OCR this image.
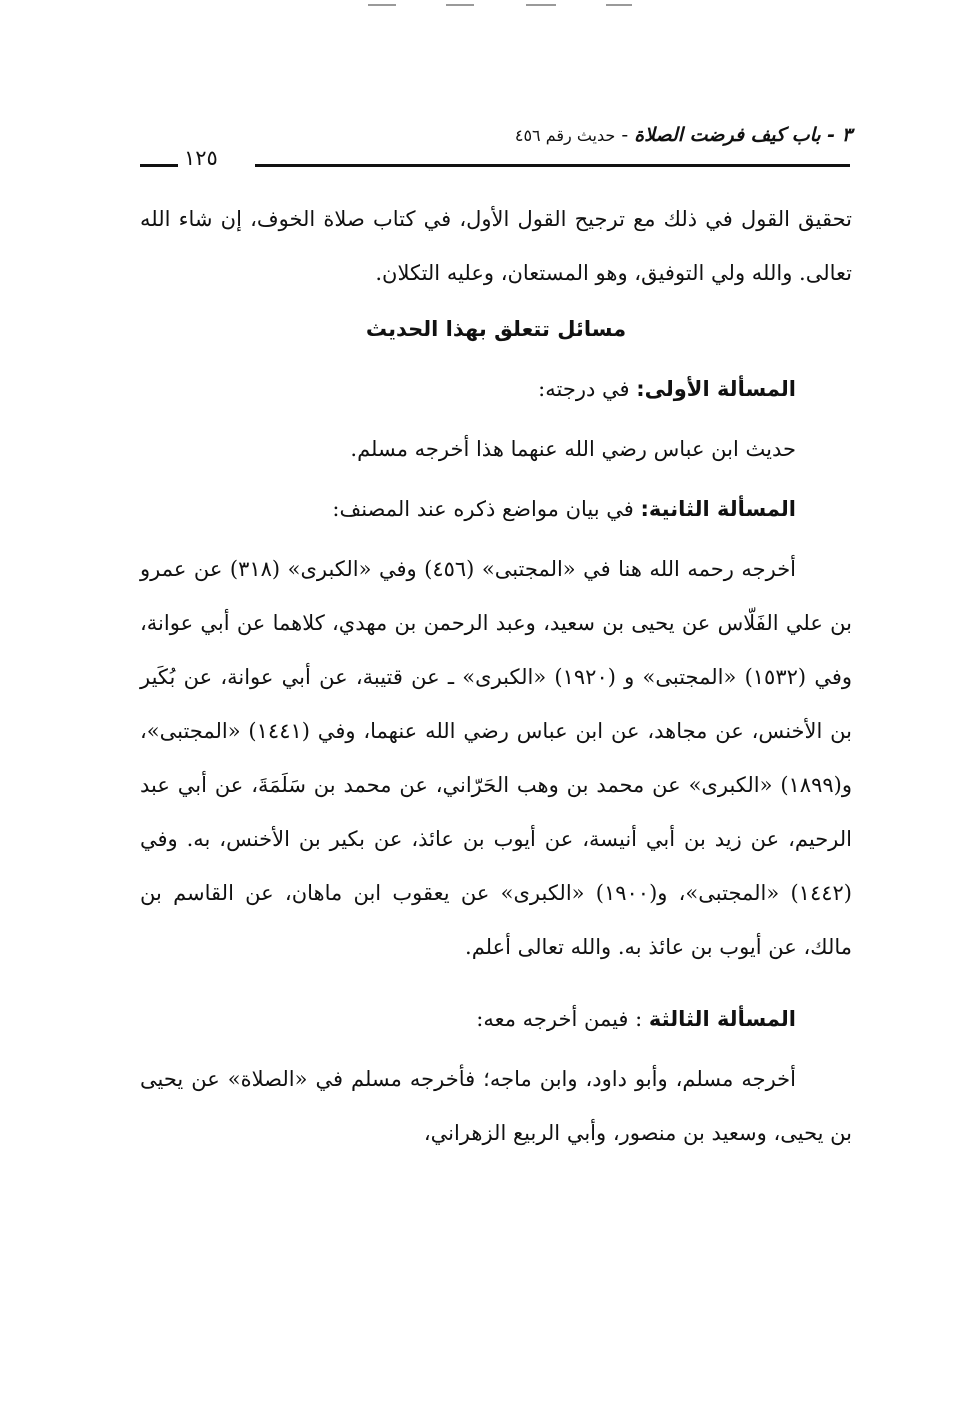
٣ - باب كيف فرضت الصلاة - حديث رقم ٤٥٦
١٢٥

تحقيق القول في ذلك مع ترجيح القول الأول، في كتاب صلاة الخوف، إن شاء الله تعالى. والله ولي التوفيق، وهو المستعان، وعليه التكلان.

مسائل تتعلق بهذا الحديث

المسألة الأولى: في درجته:

حديث ابن عباس رضي الله عنهما هذا أخرجه مسلم.

المسألة الثانية: في بيان مواضع ذكره عند المصنف:

أخرجه رحمه الله هنا في «المجتبى» (٤٥٦) وفي «الكبرى» (٣١٨) عن عمرو بن علي الفَلّاس عن يحيى بن سعيد، وعبد الرحمن بن مهدي، كلاهما عن أبي عوانة، وفي (١٥٣٢) «المجتبى» و (١٩٢٠) «الكبرى» ـ عن قتيبة، عن أبي عوانة، عن بُكَير بن الأخنس، عن مجاهد، عن ابن عباس رضي الله عنهما، وفي (١٤٤١) «المجتبى»، و(١٨٩٩) «الكبرى» عن محمد بن وهب الحَرّاني، عن محمد بن سَلَمَةَ، عن أبي عبد الرحيم، عن زيد بن أبي أنيسة، عن أيوب بن عائذ، عن بكير بن الأخنس، به. وفي (١٤٤٢) «المجتبى»، و(١٩٠٠) «الكبرى» عن يعقوب ابن ماهان، عن القاسم بن مالك، عن أيوب بن عائذ به. والله تعالى أعلم.

المسألة الثالثة : فيمن أخرجه معه:

أخرجه مسلم، وأبو داود، وابن ماجه؛ فأخرجه مسلم في «الصلاة» عن يحيى بن يحيى، وسعيد بن منصور، وأبي الربيع الزهراني،
